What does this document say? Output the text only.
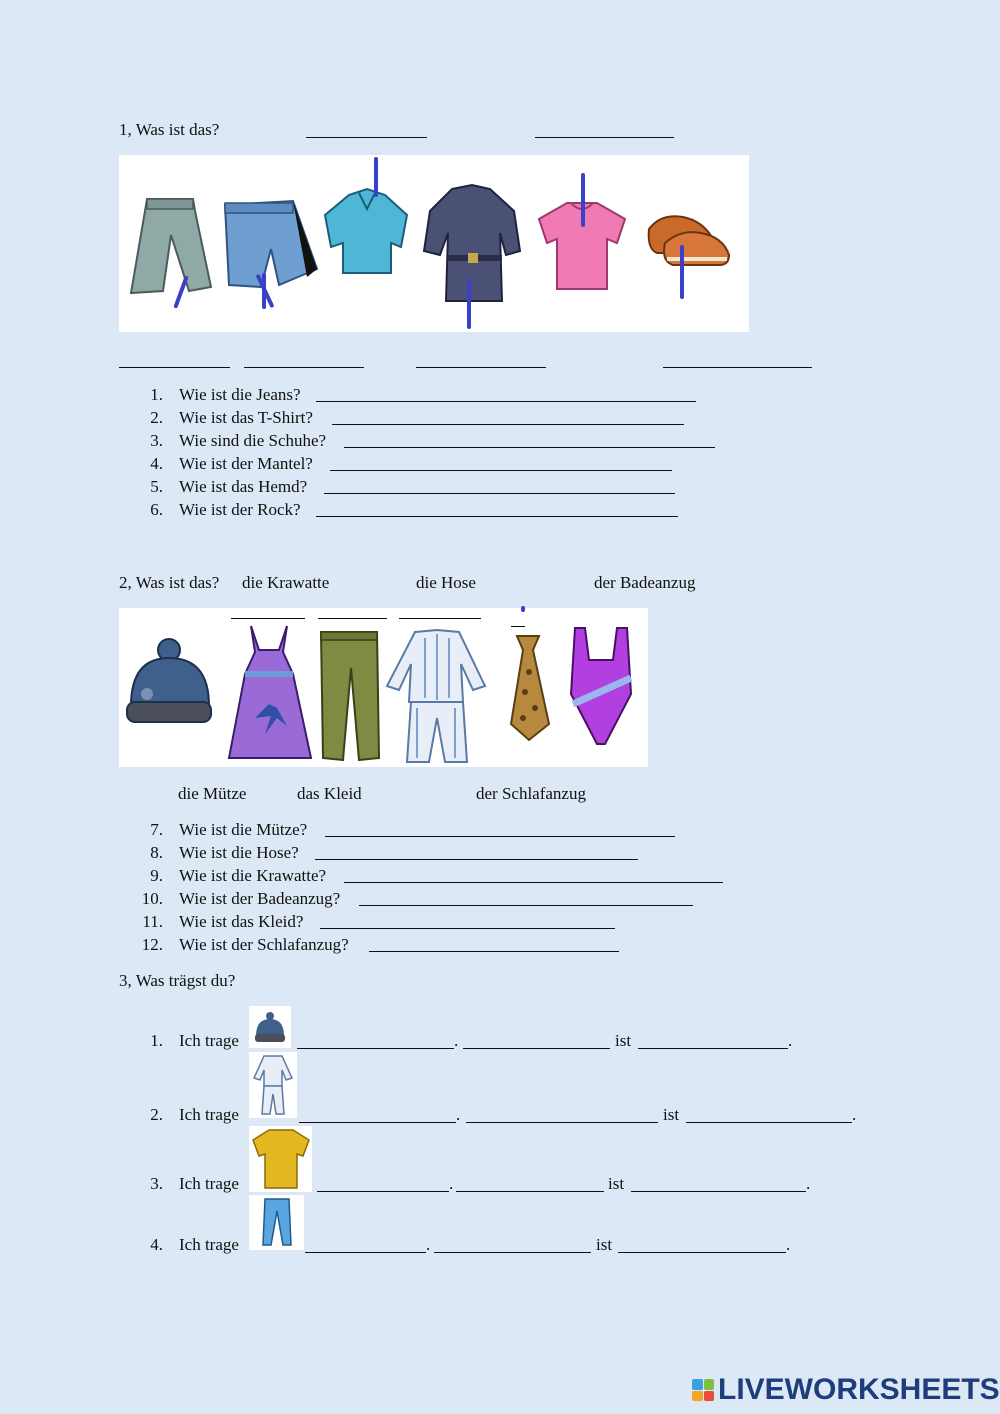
1, Was ist das?
1. Wie ist die Jeans?
2. Wie ist das T-Shirt?
3. Wie sind die Schuhe?
4. Wie ist der Mantel?
5. Wie ist das Hemd?
6. Wie ist der Rock?
2, Was ist das? die Krawatte	die Hose	der Badeanzug
die Mütze	das Kleid	der Schlafanzug
7. Wie ist die Mütze?
8. Wie ist die Hose?
9. Wie ist die Krawatte?
10. Wie ist der Badeanzug?
11. Wie ist das Kleid?
12. Wie ist der Schlafanzug?
3, Was trägst du?
1. Ich trage	.	ist	.
2. Ich trage	.	ist	.
3. Ich trage	.	ist	.
4. Ich trage	.	ist	.
LIVEWORKSHEETS
